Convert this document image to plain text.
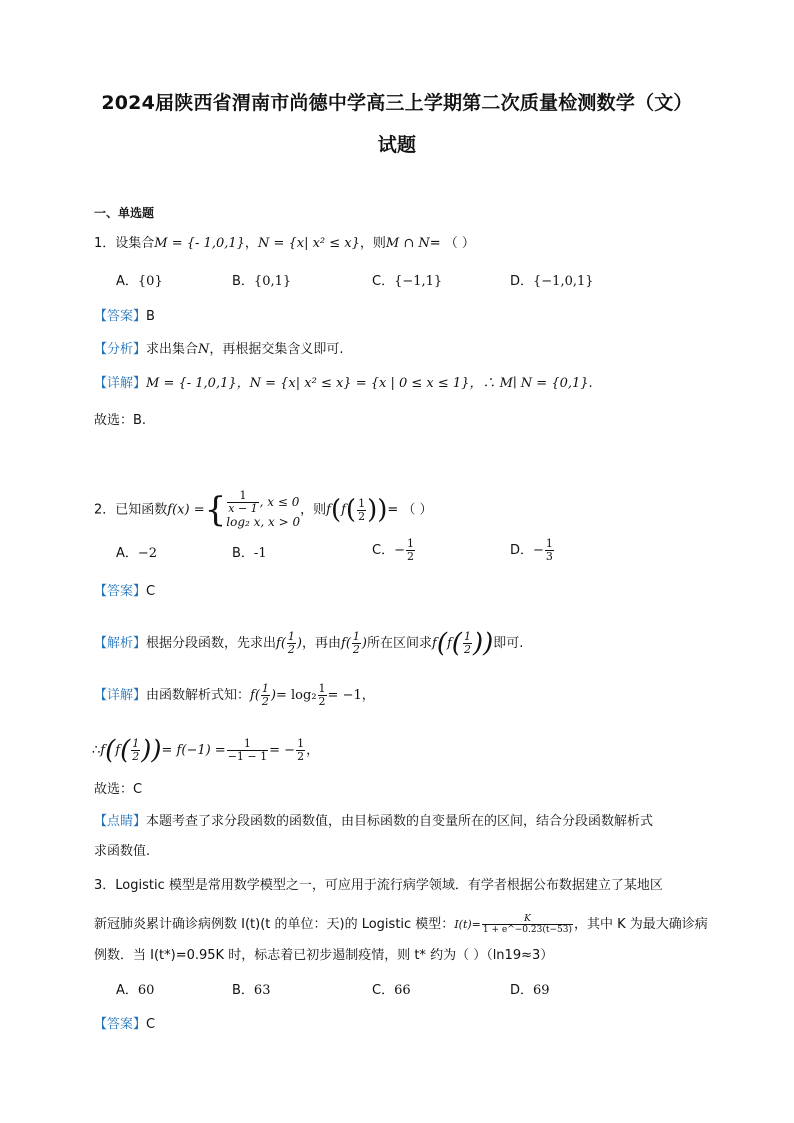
2024届陕西省渭南市尚德中学高三上学期第二次质量检测数学（文）
试题
一、单选题
1．设集合M = {- 1,0,1}，N = {x| x² ≤ x}，则M ∩ N= （ ）
A．{0}	B．{0,1}	C．{−1,1}	D．{−1,0,1}
【答案】B
【分析】求出集合N，再根据交集含义即可.
【详解】M = {- 1,0,1}，N = {x| x² ≤ x} = {x | 0 ≤ x ≤ 1}，∴ M∣ N = {0,1}.
故选：B.
2．已知函数f(x) ={ $\frac{1}{x - 1}$ , x ≤ 0
log₂ x, x > 0
，则$f(f( \frac{1}{2}$ ))= （ ）
A．−2	B．-1	C．− $\frac{1}{2}$	D．− $\frac{1}{3}$
【答案】C
【解析】根据分段函数，先求出$f( \frac{1}{2}$ )，再由$f( \frac{1}{2}$ )所在区间求$f(f( \frac{1}{2}$ ))即可.
【详解】由函数解析式知：$f( \frac{1}{2}$ )= $\log_2 \frac{1}{2} = -1$，
∴f(f( $\frac{1}{2}$ ))= $f(-1) = \frac{1}{-1 - 1}$ = − $\frac{1}{2}$ ，
故选：C
【点睛】本题考查了求分段函数的函数值，由目标函数的自变量所在的区间，结合分段函数解析式
求函数值.
3．Logistic 模型是常用数学模型之一，可应用于流行病学领域．有学者根据公布数据建立了某地区
新冠肺炎累计确诊病例数 I(t)(t 的单位：天)的 Logistic 模型：$I(t)= \frac{K}{1 + e\^{}-0.23(t-53)}$ ，其中 K 为最大确诊病
例数．当 I(t*)=0.95K 时，标志着已初步遏制疫情，则 t* 约为（ ）（ln19≈3）
A．60	B．63	C．66	D．69
【答案】C
